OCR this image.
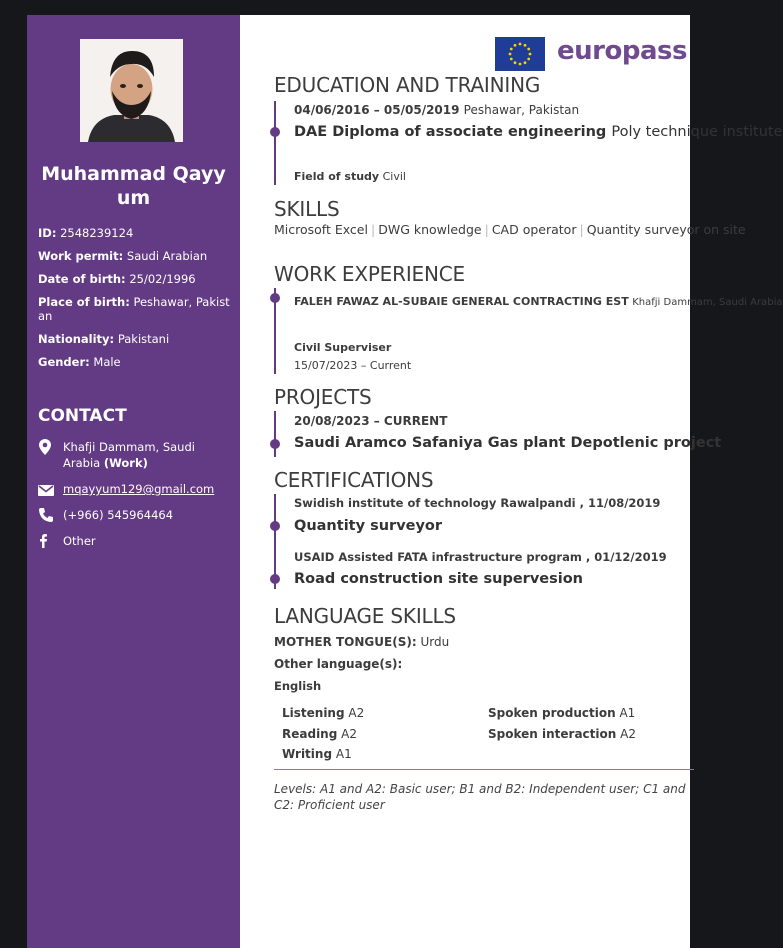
Muhammad Qayyum
ID: 2548239124
Work permit: Saudi Arabian
Date of birth: 25/02/1996
Place of birth: Peshawar, Pakistan
Nationality: Pakistani
Gender: Male
CONTACT
Khafji Dammam, Saudi Arabia (Work)
mqayyum129@gmail.com
(+966) 545964464
Other
europass
EDUCATION AND TRAINING
04/06/2016 – 05/05/2019 Peshawar, Pakistan
DAE Diploma of associate engineering Poly technique institute
Field of study Civil
SKILLS
Microsoft Excel | DWG knowledge | CAD operator | Quantity surveyor on site
WORK EXPERIENCE
FALEH FAWAZ AL-SUBAIE GENERAL CONTRACTING EST Khafji Dammam, Saudi Arabia
Civil Superviser
15/07/2023 – Current
PROJECTS
20/08/2023 – CURRENT
Saudi Aramco Safaniya Gas plant Depotlenic project
CERTIFICATIONS
Swidish institute of technology Rawalpandi , 11/08/2019
Quantity surveyor
USAID Assisted FATA infrastructure program , 01/12/2019
Road construction site supervesion
LANGUAGE SKILLS
MOTHER TONGUE(S): Urdu
Other language(s):
English
Listening A2
Reading A2
Writing A1
Spoken production A1
Spoken interaction A2
Levels: A1 and A2: Basic user; B1 and B2: Independent user; C1 and C2: Proficient user
